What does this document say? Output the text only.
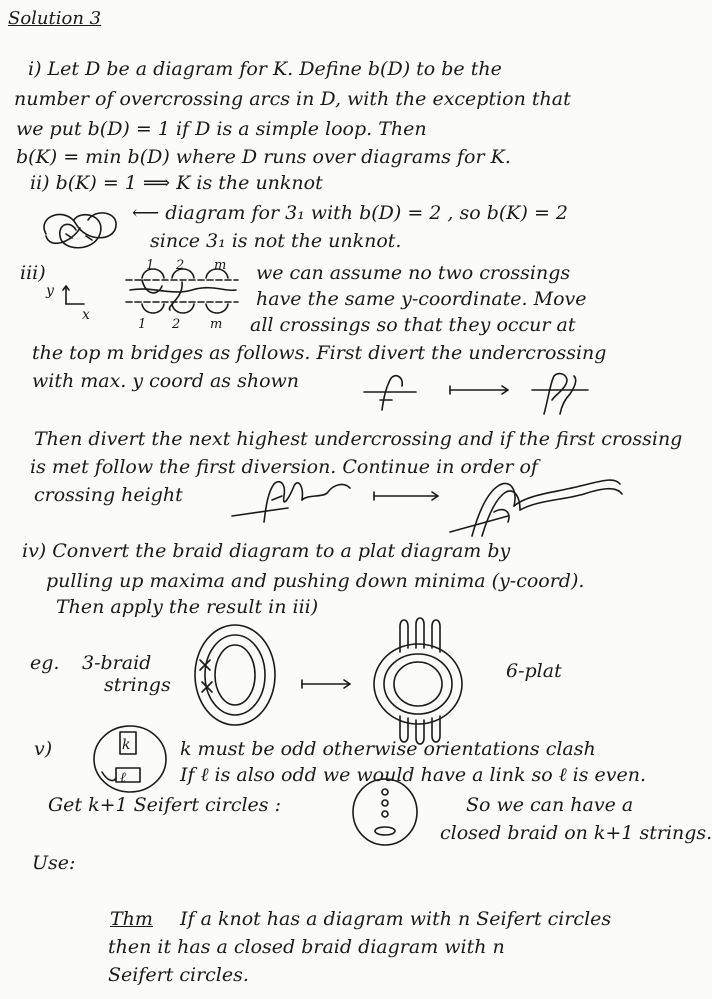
Solution 3
i) Let D be a diagram for K. Define b(D) to be the
number of overcrossing arcs in D, with the exception that
we put b(D) = 1 if D is a simple loop. Then
b(K) = min b(D) where D runs over diagrams for K.
ii) b(K) = 1 ⟹ K is the unknot
⟵ diagram for 3₁ with b(D) = 2 , so b(K) = 2
since 3₁ is not the unknot.
iii)
y
x
1 2 m
1 2 m
we can assume no two crossings
have the same y-coordinate. Move
all crossings so that they occur at
the top m bridges as follows. First divert the undercrossing
with max. y coord as shown
Then divert the next highest undercrossing and if the first crossing
is met follow the first diversion. Continue in order of
crossing height
iv) Convert the braid diagram to a plat diagram by
pulling up maxima and pushing down minima (y-coord).
Then apply the result in iii)
eg. 3-braid
strings
6-plat
v)	k
ℓ
k must be odd otherwise orientations clash
If ℓ is also odd we would have a link so ℓ is even.
Get k+1 Seifert circles :	So we can have a
closed braid on k+1 strings.
Use:
Thm If a knot has a diagram with n Seifert circles
then it has a closed braid diagram with n
Seifert circles.
